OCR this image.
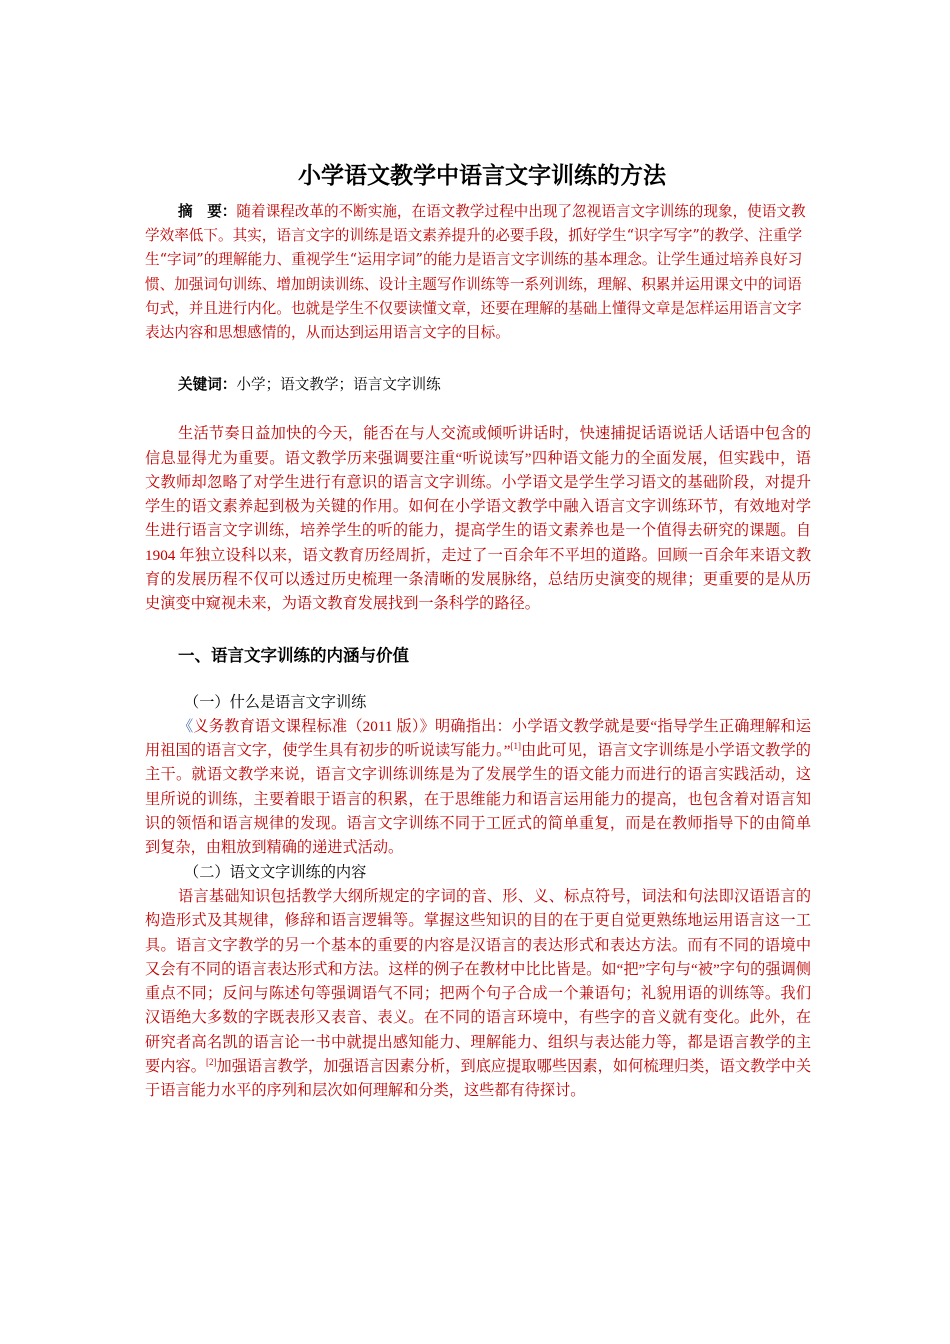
小学语文教学中语言文字训练的方法

摘　要：随着课程改革的不断实施，在语文教学过程中出现了忽视语言文字训练的现象，使语文教学效率低下。其实，语言文字的训练是语文素养提升的必要手段，抓好学生“识字写字”的教学、注重学生“字词”的理解能力、重视学生“运用字词”的能力是语言文字训练的基本理念。让学生通过培养良好习惯、加强词句训练、增加朗读训练、设计主题写作训练等一系列训练，理解、积累并运用课文中的词语句式，并且进行内化。也就是学生不仅要读懂文章，还要在理解的基础上懂得文章是怎样运用语言文字表达内容和思想感情的，从而达到运用语言文字的目标。

关键词：小学；语文教学；语言文字训练

生活节奏日益加快的今天，能否在与人交流或倾听讲话时，快速捕捉话语说话人话语中包含的信息显得尤为重要。语文教学历来强调要注重“听说读写”四种语文能力的全面发展，但实践中，语文教师却忽略了对学生进行有意识的语言文字训练。小学语文是学生学习语文的基础阶段，对提升学生的语文素养起到极为关键的作用。如何在小学语文教学中融入语言文字训练环节，有效地对学生进行语言文字训练，培养学生的听的能力，提高学生的语文素养也是一个值得去研究的课题。自 1904 年独立设科以来，语文教育历经周折，走过了一百余年不平坦的道路。回顾一百余年来语文教育的发展历程不仅可以透过历史梳理一条清晰的发展脉络，总结历史演变的规律；更重要的是从历史演变中窥视未来，为语文教育发展找到一条科学的路径。

一、语言文字训练的内涵与价值
（一）什么是语言文字训练

《义务教育语文课程标准（2011 版）》明确指出：小学语文教学就是要“指导学生正确理解和运用祖国的语言文字，使学生具有初步的听说读写能力。”[1]由此可见，语言文字训练是小学语文教学的主干。就语文教学来说，语言文字训练训练是为了发展学生的语文能力而进行的语言实践活动，这里所说的训练，主要着眼于语言的积累，在于思维能力和语言运用能力的提高，也包含着对语言知识的领悟和语言规律的发现。语言文字训练不同于工匠式的简单重复，而是在教师指导下的由简单到复杂，由粗放到精确的递进式活动。

（二）语文文字训练的内容

语言基础知识包括教学大纲所规定的字词的音、形、义、标点符号，词法和句法即汉语语言的构造形式及其规律，修辞和语言逻辑等。掌握这些知识的目的在于更自觉更熟练地运用语言这一工具。语言文字教学的另一个基本的重要的内容是汉语言的表达形式和表达方法。而有不同的语境中又会有不同的语言表达形式和方法。这样的例子在教材中比比皆是。如“把”字句与“被”字句的强调侧重点不同；反问与陈述句等强调语气不同；把两个句子合成一个兼语句；礼貌用语的训练等。我们汉语绝大多数的字既表形又表音、表义。在不同的语言环境中，有些字的音义就有变化。此外，在研究者高名凯的语言论一书中就提出感知能力、理解能力、组织与表达能力等，都是语言教学的主要内容。[2]加强语言教学，加强语言因素分析，到底应提取哪些因素，如何梳理归类，语文教学中关于语言能力水平的序列和层次如何理解和分类，这些都有待探讨。
